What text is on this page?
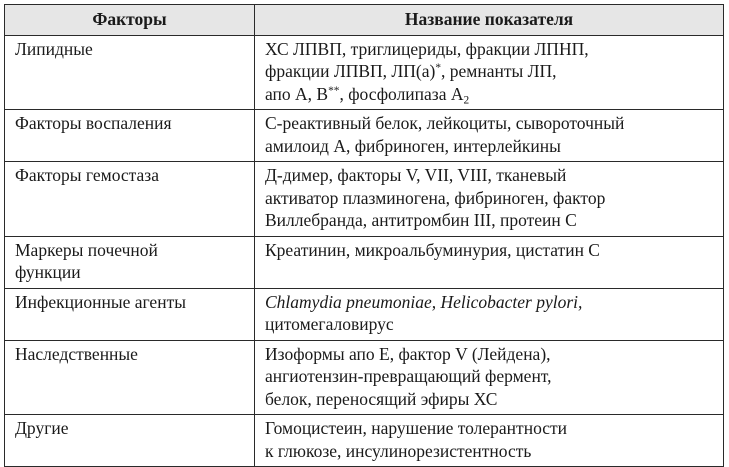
Факторы	Название показателя

Липидные	ХС ЛПВП, триглицериды, фракции ЛПНП,
фракции ЛПВП, ЛП(а)*, ремнанты ЛП,
апо А, В**, фосфолипаза $А_2$

Факторы воспаления	С-реактивный белок, лейкоциты, сывороточный
амилоид А, фибриноген, интерлейкины

Факторы гемостаза	Д-димер, факторы V, VII, VIII, тканевый
активатор плазминогена, фибриноген, фактор
Виллебранда, антитромбин III, протеин С

Маркеры почечной
функции	Креатинин, микроальбуминурия, цистатин С

Инфекционные агенты	Chlamydia pneumoniae, Helicobacter pylori,
цитомегаловирус

Наследственные	Изоформы апо Е, фактор V (Лейдена),
ангиотензин-превращающий фермент,
белок, переносящий эфиры ХС

Другие	Гомоцистеин, нарушение толерантности
к глюкозе, инсулинорезистентность
